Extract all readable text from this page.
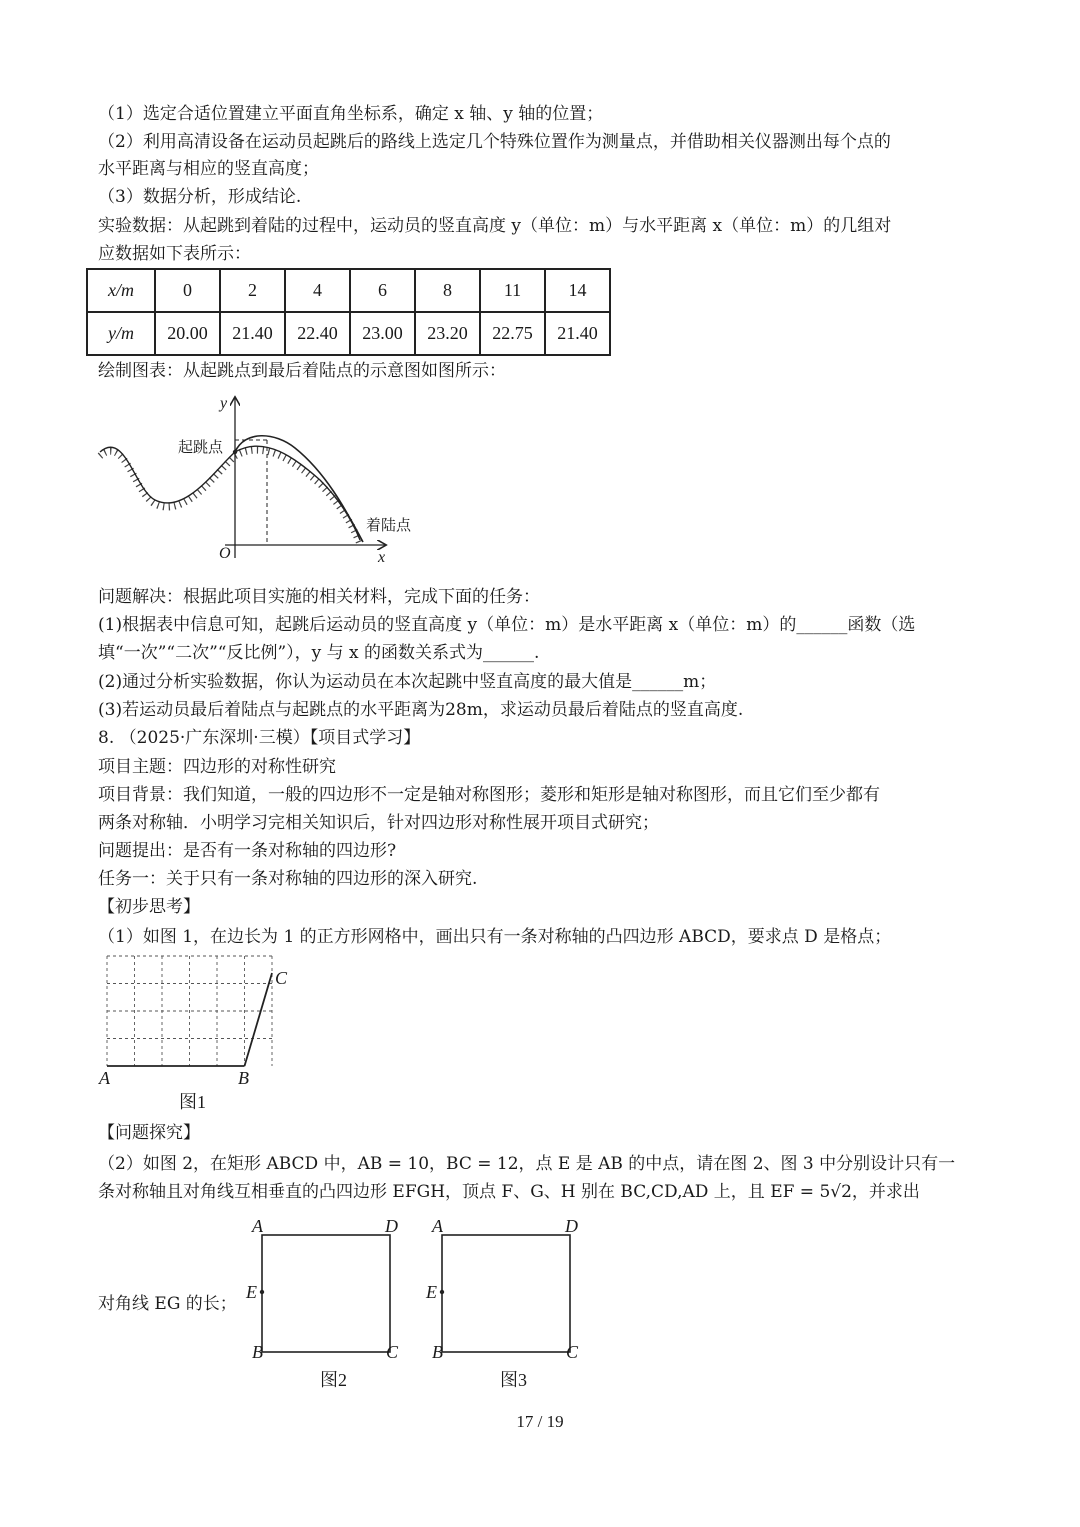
（1）选定合适位置建立平面直角坐标系，确定 x 轴、y 轴的位置；
（2）利用高清设备在运动员起跳后的路线上选定几个特殊位置作为测量点，并借助相关仪器测出每个点的
水平距离与相应的竖直高度；
（3）数据分析，形成结论.
实验数据：从起跳到着陆的过程中，运动员的竖直高度 y（单位：m）与水平距离 x（单位：m）的几组对
应数据如下表所示：
x/m	0	2	4	6	8	11	14
y/m	20.00	21.40	22.40	23.00	23.20	22.75	21.40
绘制图表：从起跳点到最后着陆点的示意图如图所示：
y
x
O
起跳点
着陆点
问题解决：根据此项目实施的相关材料，完成下面的任务：
(1)根据表中信息可知，起跳后运动员的竖直高度 y（单位：m）是水平距离 x（单位：m）的______函数（选
填“一次”“二次”“反比例”），y 与 x 的函数关系式为______.
(2)通过分析实验数据，你认为运动员在本次起跳中竖直高度的最大值是______m；
(3)若运动员最后着陆点与起跳点的水平距离为28m，求运动员最后着陆点的竖直高度.
8. （2025·广东深圳·三模）【项目式学习】
项目主题：四边形的对称性研究
项目背景：我们知道，一般的四边形不一定是轴对称图形；菱形和矩形是轴对称图形，而且它们至少都有
两条对称轴．小明学习完相关知识后，针对四边形对称性展开项目式研究；
问题提出：是否有一条对称轴的四边形?
任务一：关于只有一条对称轴的四边形的深入研究.
【初步思考】
（1）如图 1，在边长为 1 的正方形网格中，画出只有一条对称轴的凸四边形 ABCD，要求点 D 是格点；
A	B
C
图1
【问题探究】
（2）如图 2，在矩形 ABCD 中，AB = 10，BC = 12，点 E 是 AB 的中点，请在图 2、图 3 中分别设计只有一
条对称轴且对角线互相垂直的凸四边形 EFGH，顶点 F、G、H 别在 BC,CD,AD 上，且 EF = 5√2，并求出
对角线 EG 的长；
A	D
E
B	C
图2
A	D
E
B	C
图3
17 / 19
